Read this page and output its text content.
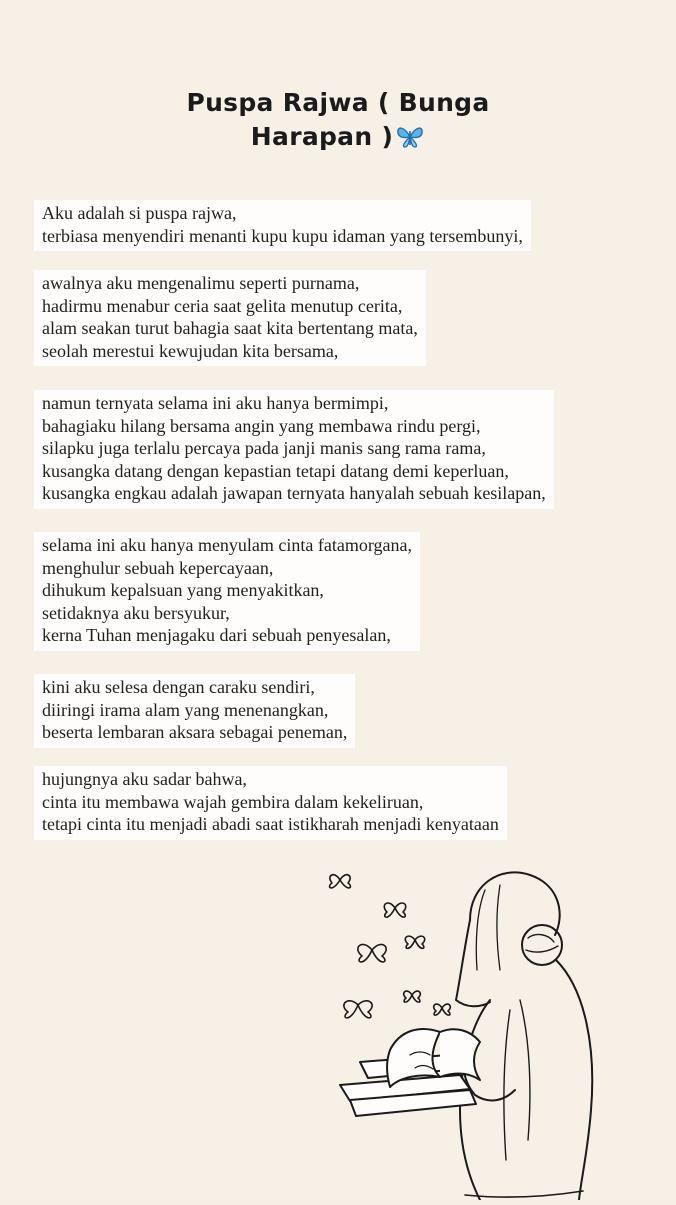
Puspa Rajwa ( Bunga
Harapan )
Aku adalah si puspa rajwa,
terbiasa menyendiri menanti kupu kupu idaman yang tersembunyi,
awalnya aku mengenalimu seperti purnama,
hadirmu menabur ceria saat gelita menutup cerita,
alam seakan turut bahagia saat kita bertentang mata,
seolah merestui kewujudan kita bersama,
namun ternyata selama ini aku hanya bermimpi,
bahagiaku hilang bersama angin yang membawa rindu pergi,
silapku juga terlalu percaya pada janji manis sang rama rama,
kusangka datang dengan kepastian tetapi datang demi keperluan,
kusangka engkau adalah jawapan ternyata hanyalah sebuah kesilapan,
selama ini aku hanya menyulam cinta fatamorgana,
menghulur sebuah kepercayaan,
dihukum kepalsuan yang menyakitkan,
setidaknya aku bersyukur,
kerna Tuhan menjagaku dari sebuah penyesalan,
kini aku selesa dengan caraku sendiri,
diiringi irama alam yang menenangkan,
beserta lembaran aksara sebagai peneman,
hujungnya aku sadar bahwa,
cinta itu membawa wajah gembira dalam kekeliruan,
tetapi cinta itu menjadi abadi saat istikharah menjadi kenyataan
